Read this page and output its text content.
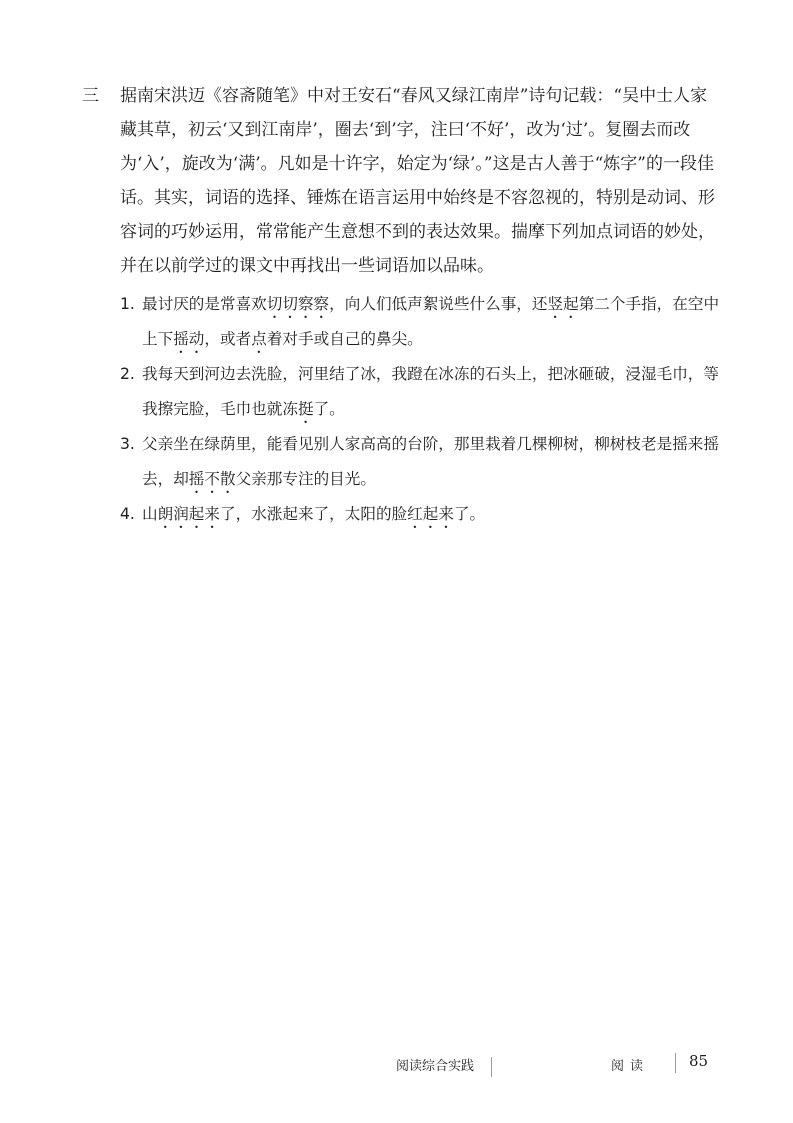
三 据南宋洪迈《容斋随笔》中对王安石“春风又绿江南岸”诗句记载：“吴中士人家藏其草，初云‘又到江南岸’，圈去‘到’字，注曰‘不好’，改为‘过’。复圈去而改为‘入’，旋改为‘满’。凡如是十许字，始定为‘绿’。”这是古人善于“炼字”的一段佳话。其实，词语的选择、锤炼在语言运用中始终是不容忽视的，特别是动词、形容词的巧妙运用，常常能产生意想不到的表达效果。揣摩下列加点词语的妙处，并在以前学过的课文中再找出一些词语加以品味。
1. 最讨厌的是常喜欢切切察察，向人们低声絮说些什么事，还竖起第二个手指，在空中上下摇动，或者点着对手或自己的鼻尖。
2. 我每天到河边去洗脸，河里结了冰，我蹬在冰冻的石头上，把冰砸破，浸湿毛巾，等我擦完脸，毛巾也就冻挺了。
3. 父亲坐在绿荫里，能看见别人家高高的台阶，那里栽着几棵柳树，柳树枝老是摇来摇去，却摇不散父亲那专注的目光。
4. 山朗润起来了，水涨起来了，太阳的脸红起来了。
阅读综合实践	阅读	85
